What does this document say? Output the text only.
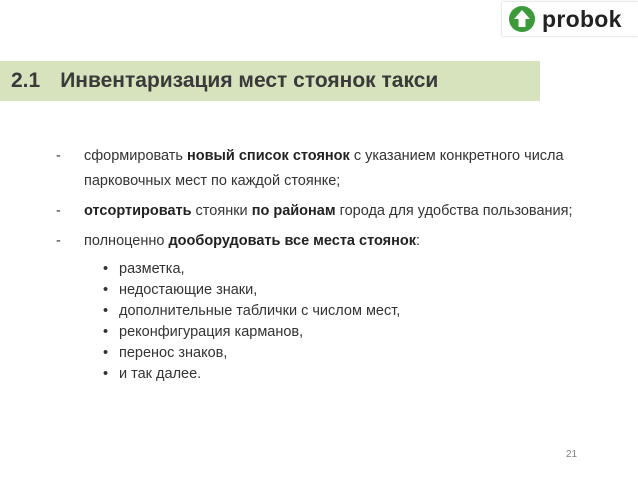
probok
2.1 Инвентаризация мест стоянок такси
- сформировать новый список стоянок с указанием конкретного числа парковочных мест по каждой стоянке;
- отсортировать стоянки по районам города для удобства пользования;
- полноценно дооборудовать все места стоянок:
• разметка,
• недостающие знаки,
• дополнительные таблички с числом мест,
• реконфигурация карманов,
• перенос знаков,
• и так далее.
21
